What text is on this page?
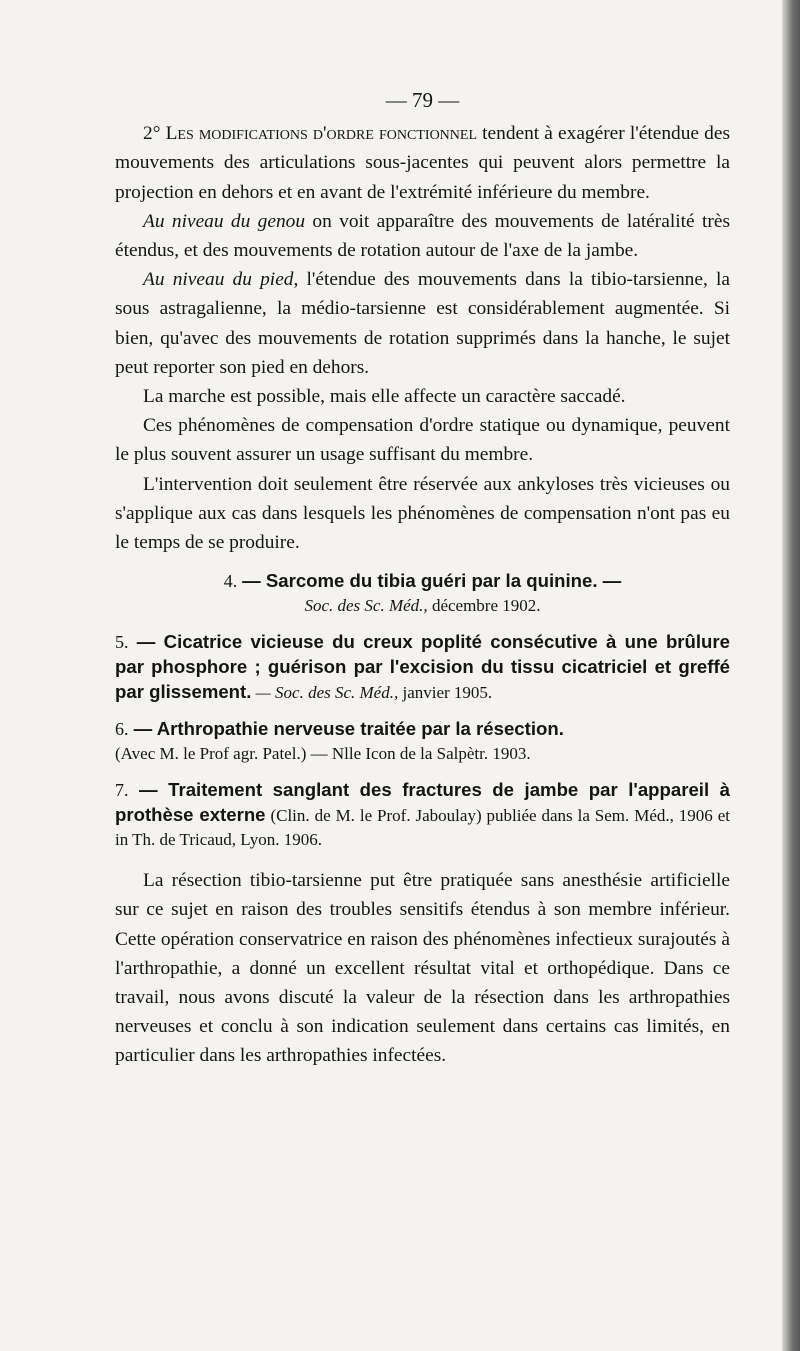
— 79 —

2° Les modifications d'ordre fonctionnel tendent à exagérer l'étendue des mouvements des articulations sous-jacentes qui peuvent alors permettre la projection en dehors et en avant de l'extrémité inférieure du membre.

Au niveau du genou on voit apparaître des mouvements de latéralité très étendus, et des mouvements de rotation autour de l'axe de la jambe.

Au niveau du pied, l'étendue des mouvements dans la tibio-tarsienne, la sous astragalienne, la médio-tarsienne est considérablement augmentée. Si bien, qu'avec des mouvements de rotation supprimés dans la hanche, le sujet peut reporter son pied en dehors.

La marche est possible, mais elle affecte un caractère saccadé.

Ces phénomènes de compensation d'ordre statique ou dynamique, peuvent le plus souvent assurer un usage suffisant du membre.

L'intervention doit seulement être réservée aux ankyloses très vicieuses ou s'applique aux cas dans lesquels les phénomènes de compensation n'ont pas eu le temps de se produire.

4. — Sarcome du tibia guéri par la quinine. —
Soc. des Sc. Méd., décembre 1902.
5. — Cicatrice vicieuse du creux poplité consécutive à une brûlure par phosphore ; guérison par l'excision du tissu cicatriciel et greffé par glissement. — Soc. des Sc. Méd., janvier 1905.
6. — Arthropathie nerveuse traitée par la résection.
(Avec M. le Prof agr. Patel.) — Nlle Icon de la Salpètr. 1903.
7. — Traitement sanglant des fractures de jambe par l'appareil à prothèse externe (Clin. de M. le Prof. Jaboulay) publiée dans la Sem. Méd., 1906 et in Th. de Tricaud, Lyon. 1906.

La résection tibio-tarsienne put être pratiquée sans anesthésie artificielle sur ce sujet en raison des troubles sensitifs étendus à son membre inférieur. Cette opération conservatrice en raison des phénomènes infectieux surajoutés à l'arthropathie, a donné un excellent résultat vital et orthopédique. Dans ce travail, nous avons discuté la valeur de la résection dans les arthropathies nerveuses et conclu à son indication seulement dans certains cas limités, en particulier dans les arthropathies infectées.
